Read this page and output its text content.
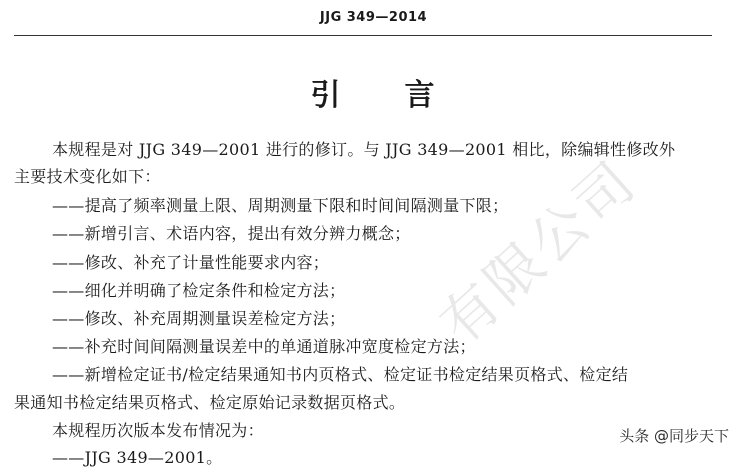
JJG 349—2014
引 言
本规程是对 JJG 349—2001 进行的修订。与 JJG 349—2001 相比，除编辑性修改外
主要技术变化如下：
——提高了频率测量上限、周期测量下限和时间间隔测量下限；
——新增引言、术语内容，提出有效分辨力概念；
——修改、补充了计量性能要求内容；
——细化并明确了检定条件和检定方法；
——修改、补充周期测量误差检定方法；
——补充时间间隔测量误差中的单通道脉冲宽度检定方法；
——新增检定证书/检定结果通知书内页格式、检定证书检定结果页格式、检定结
果通知书检定结果页格式、检定原始记录数据页格式。
本规程历次版本发布情况为：
——JJG 349—2001。
有限公司
头条 @同步天下
